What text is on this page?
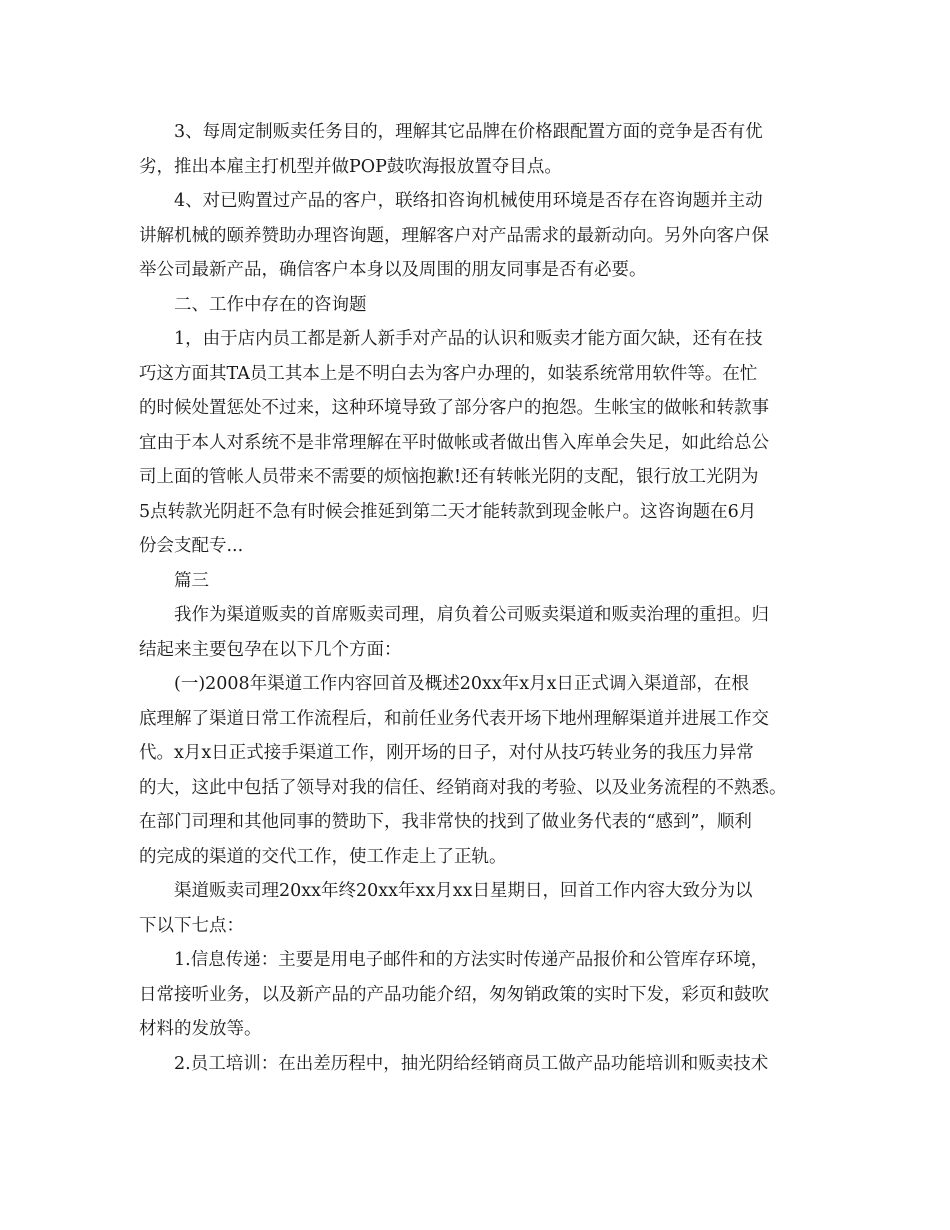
3、每周定制贩卖任务目的，理解其它品牌在价格跟配置方面的竞争是否有优
劣，推出本雇主打机型并做POP鼓吹海报放置夺目点。
4、对已购置过产品的客户，联络扣咨询机械使用环境是否存在咨询题并主动
讲解机械的颐养赞助办理咨询题，理解客户对产品需求的最新动向。另外向客户保
举公司最新产品，确信客户本身以及周围的朋友同事是否有必要。
二、工作中存在的咨询题
1，由于店内员工都是新人新手对产品的认识和贩卖才能方面欠缺，还有在技
巧这方面其TA员工其本上是不明白去为客户办理的，如装系统常用软件等。在忙
的时候处置惩处不过来，这种环境导致了部分客户的抱怨。生帐宝的做帐和转款事
宜由于本人对系统不是非常理解在平时做帐或者做出售入库单会失足，如此给总公
司上面的管帐人员带来不需要的烦恼抱歉!还有转帐光阴的支配，银行放工光阴为
5点转款光阴赶不急有时候会推延到第二天才能转款到现金帐户。这咨询题在6月
份会支配专...
篇三
我作为渠道贩卖的首席贩卖司理，肩负着公司贩卖渠道和贩卖治理的重担。归
结起来主要包孕在以下几个方面：
(一)2008年渠道工作内容回首及概述20xx年x月x日正式调入渠道部，在根
底理解了渠道日常工作流程后，和前任业务代表开场下地州理解渠道并进展工作交
代。x月x日正式接手渠道工作，刚开场的日子，对付从技巧转业务的我压力异常
的大，这此中包括了领导对我的信任、经销商对我的考验、以及业务流程的不熟悉。
在部门司理和其他同事的赞助下，我非常快的找到了做业务代表的“感到”，顺利
的完成的渠道的交代工作，使工作走上了正轨。
渠道贩卖司理20xx年终20xx年xx月xx日星期日，回首工作内容大致分为以
下以下七点：
1.信息传递：主要是用电子邮件和的方法实时传递产品报价和公管库存环境，
日常接听业务，以及新产品的产品功能介绍，匆匆销政策的实时下发，彩页和鼓吹
材料的发放等。
2.员工培训：在出差历程中，抽光阴给经销商员工做产品功能培训和贩卖技术
